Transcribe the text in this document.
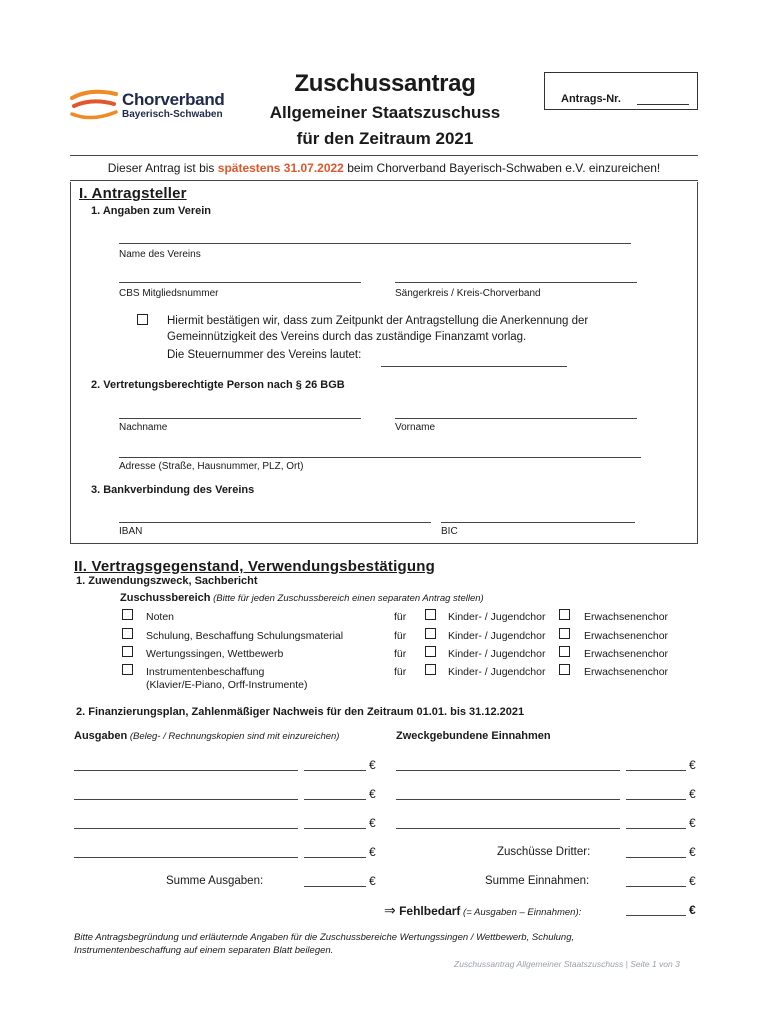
Chorverband
Bayerisch-Schwaben
Zuschussantrag
Allgemeiner Staatszuschuss
für den Zeitraum 2021
Antrags-Nr.
Dieser Antrag ist bis spätestens 31.07.2022 beim Chorverband Bayerisch-Schwaben e.V. einzureichen!
I. Antragsteller
1. Angaben zum Verein
Name des Vereins
CBS Mitgliedsnummer	Sängerkreis / Kreis-Chorverband
Hiermit bestätigen wir, dass zum Zeitpunkt der Antragstellung die Anerkennung der
Gemeinnützigkeit des Vereins durch das zuständige Finanzamt vorlag.
Die Steuernummer des Vereins lautet:
2. Vertretungsberechtigte Person nach § 26 BGB
Nachname	Vorname
Adresse (Straße, Hausnummer, PLZ, Ort)
3. Bankverbindung des Vereins
IBAN	BIC
II. Vertragsgegenstand, Verwendungsbestätigung
1. Zuwendungszweck, Sachbericht
Zuschussbereich (Bitte für jeden Zuschussbereich einen separaten Antrag stellen)
Noten	für	Kinder- / Jugendchor	Erwachsenenchor
Schulung, Beschaffung Schulungsmaterial	für	Kinder- / Jugendchor	Erwachsenenchor
Wertungssingen, Wettbewerb	für	Kinder- / Jugendchor	Erwachsenenchor
Instrumentenbeschaffung
(Klavier/E-Piano, Orff-Instrumente)
für	Kinder- / Jugendchor	Erwachsenenchor
2. Finanzierungsplan, Zahlenmäßiger Nachweis für den Zeitraum 01.01. bis 31.12.2021
Ausgaben (Beleg- / Rechnungskopien sind mit einzureichen)	Zweckgebundene Einnahmen
€	€
€	€
€	€
€	Zuschüsse Dritter:	€
Summe Ausgaben:	€	Summe Einnahmen:	€
⇒ Fehlbedarf (= Ausgaben – Einnahmen):	€
Bitte Antragsbegründung und erläuternde Angaben für die Zuschussbereiche Wertungssingen / Wettbewerb, Schulung,
Instrumentenbeschaffung auf einem separaten Blatt beilegen.
Zuschussantrag Allgemeiner Staatszuschuss | Seite 1 von 3
